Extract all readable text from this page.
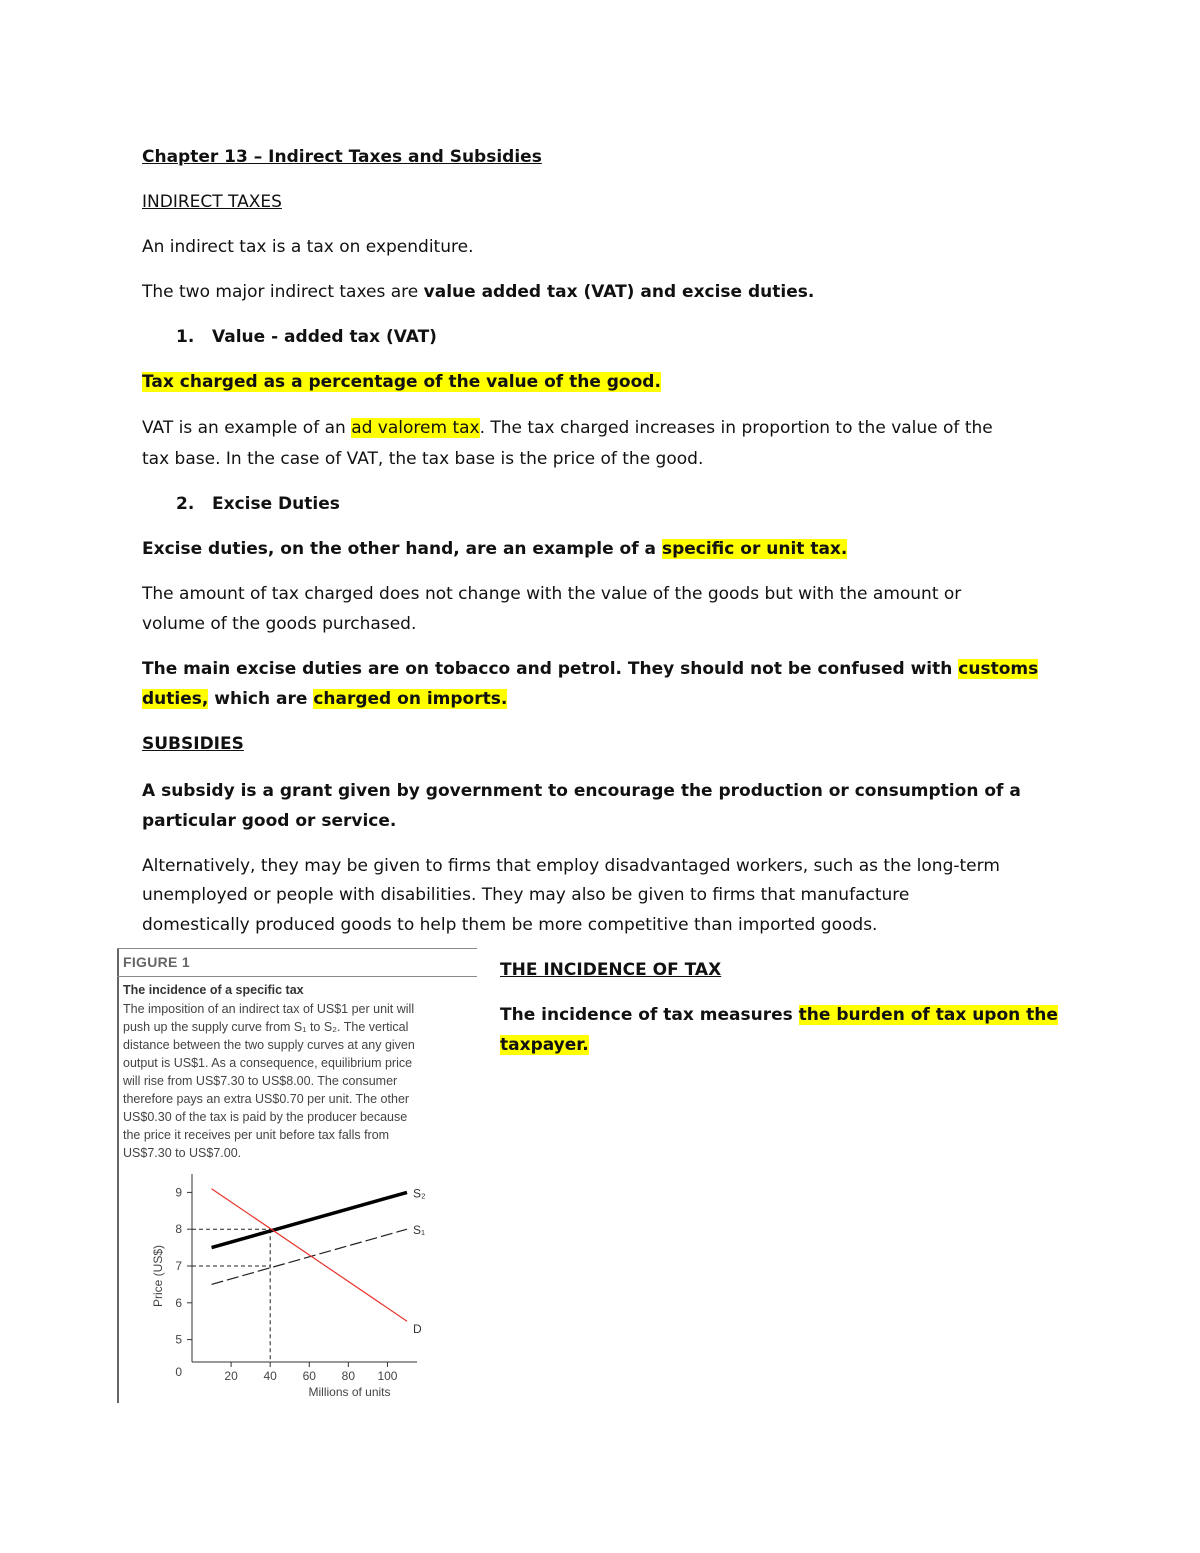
Chapter 13 – Indirect Taxes and Subsidies
INDIRECT TAXES
An indirect tax is a tax on expenditure.
The two major indirect taxes are value added tax (VAT) and excise duties.
1. Value - added tax (VAT)
Tax charged as a percentage of the value of the good.
VAT is an example of an ad valorem tax. The tax charged increases in proportion to the value of the
tax base. In the case of VAT, the tax base is the price of the good.
2. Excise Duties
Excise duties, on the other hand, are an example of a specific or unit tax.
The amount of tax charged does not change with the value of the goods but with the amount or
volume of the goods purchased.
The main excise duties are on tobacco and petrol. They should not be confused with customs
duties, which are charged on imports.
SUBSIDIES
A subsidy is a grant given by government to encourage the production or consumption of a
particular good or service.
Alternatively, they may be given to firms that employ disadvantaged workers, such as the long-term
unemployed or people with disabilities. They may also be given to firms that manufacture
domestically produced goods to help them be more competitive than imported goods.
THE INCIDENCE OF TAX
The incidence of tax measures the burden of tax upon the
taxpayer.
FIGURE 1
The incidence of a specific tax
The imposition of an indirect tax of US$1 per unit will
push up the supply curve from S₁ to S₂. The vertical
distance between the two supply curves at any given
output is US$1. As a consequence, equilibrium price
will rise from US$7.30 to US$8.00. The consumer
therefore pays an extra US$0.70 per unit. The other
US$0.30 of the tax is paid by the producer because
the price it receives per unit before tax falls from
US$7.30 to US$7.00.
9
8
7
6
5
20 40 60 80 100
0
Millions of units
Price (US$)
S₂
S₁
D
